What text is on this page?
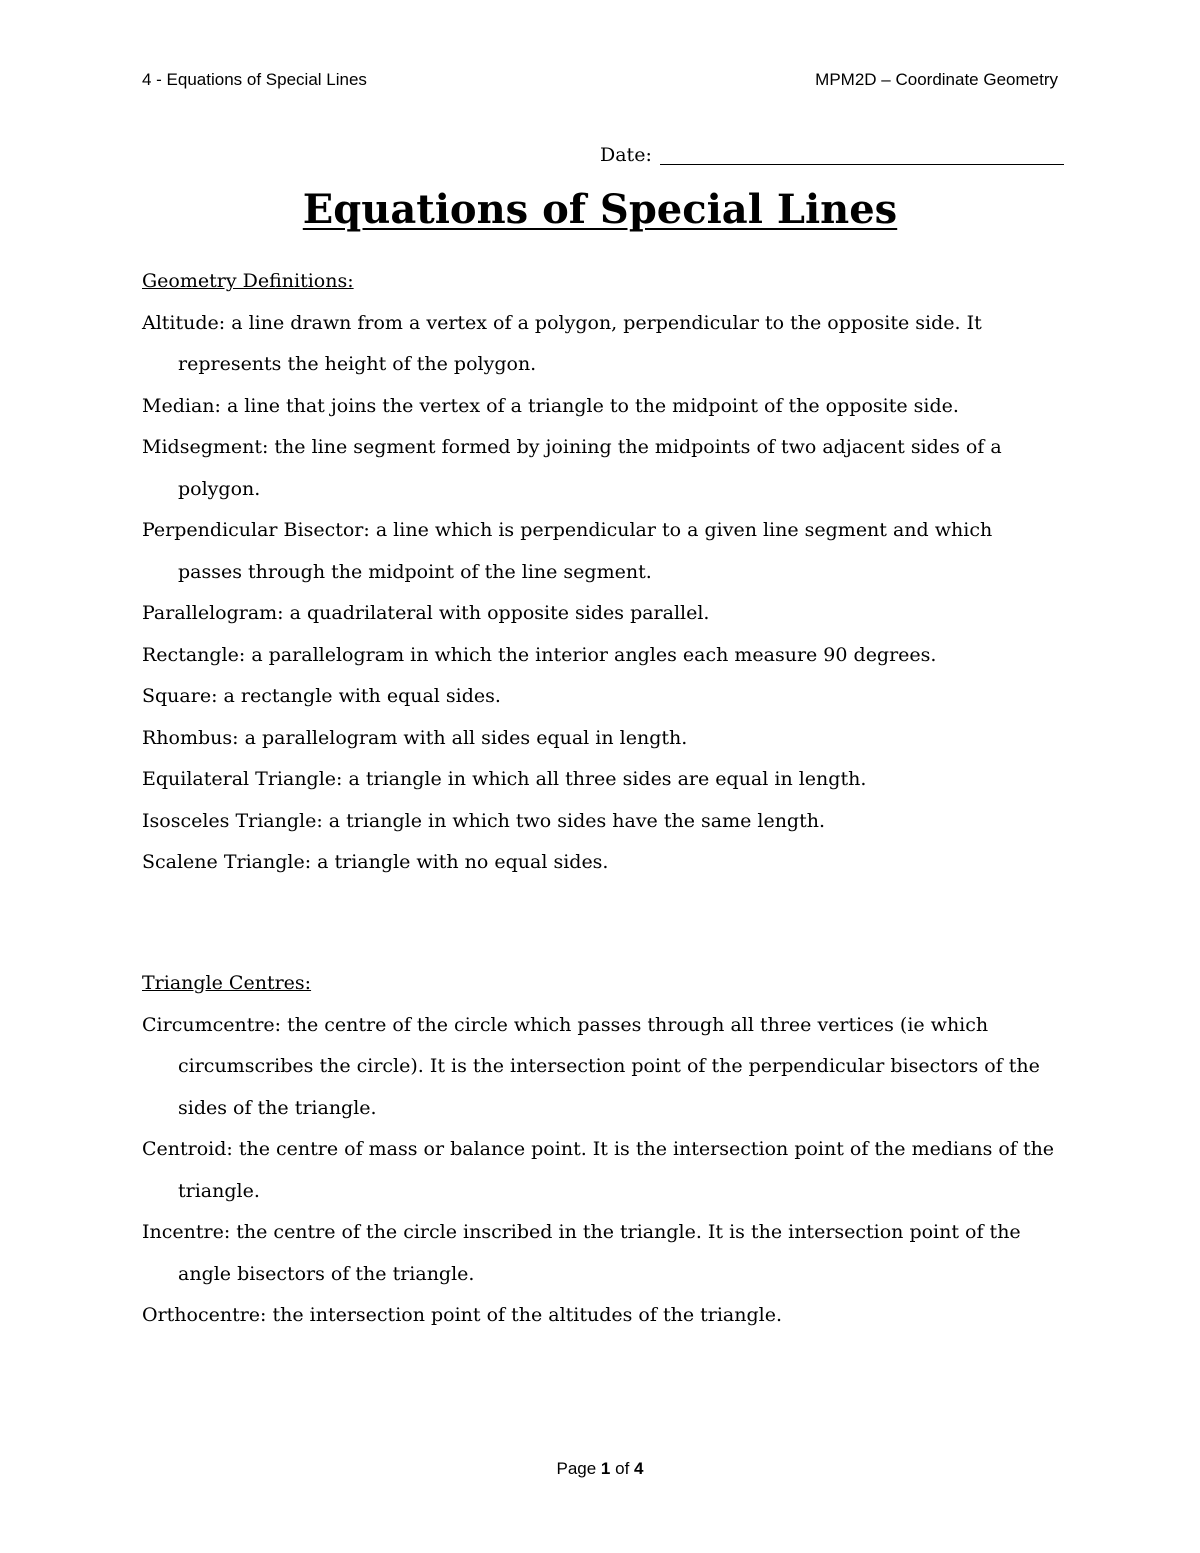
4 - Equations of Special Lines	MPM2D – Coordinate Geometry
Date:
Equations of Special Lines
Geometry Definitions:

Altitude: a line drawn from a vertex of a polygon, perpendicular to the opposite side. It represents the height of the polygon.

Median: a line that joins the vertex of a triangle to the midpoint of the opposite side.

Midsegment: the line segment formed by joining the midpoints of two adjacent sides of a polygon.

Perpendicular Bisector: a line which is perpendicular to a given line segment and which passes through the midpoint of the line segment.

Parallelogram: a quadrilateral with opposite sides parallel.

Rectangle: a parallelogram in which the interior angles each measure 90 degrees.

Square: a rectangle with equal sides.

Rhombus: a parallelogram with all sides equal in length.

Equilateral Triangle: a triangle in which all three sides are equal in length.

Isosceles Triangle: a triangle in which two sides have the same length.

Scalene Triangle: a triangle with no equal sides.

Triangle Centres:

Circumcentre: the centre of the circle which passes through all three vertices (ie which circumscribes the circle). It is the intersection point of the perpendicular bisectors of the sides of the triangle.

Centroid: the centre of mass or balance point. It is the intersection point of the medians of the triangle.

Incentre: the centre of the circle inscribed in the triangle. It is the intersection point of the angle bisectors of the triangle.

Orthocentre: the intersection point of the altitudes of the triangle.

Page 1 of 4
